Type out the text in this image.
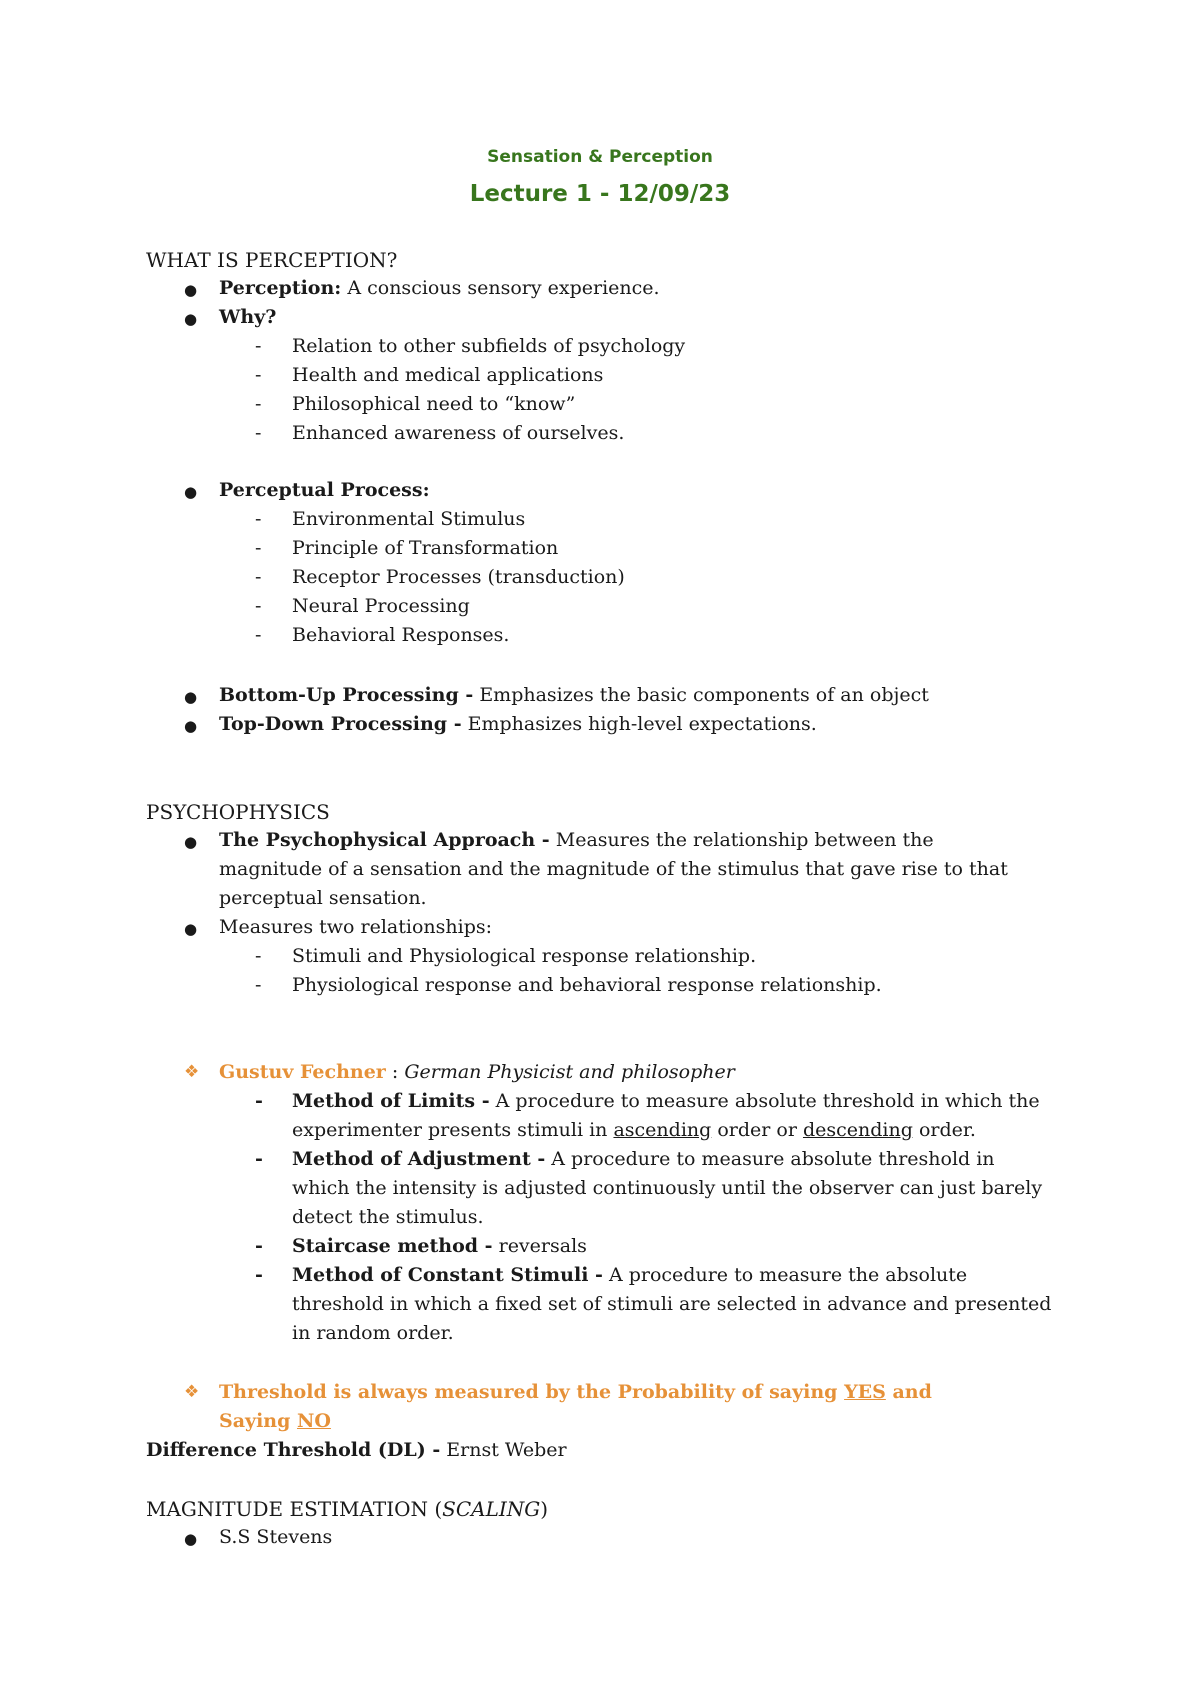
Sensation & Perception
Lecture 1 - 12/09/23
WHAT IS PERCEPTION?
● Perception: A conscious sensory experience.
● Why?
- Relation to other subfields of psychology
- Health and medical applications
- Philosophical need to “know”
- Enhanced awareness of ourselves.
● Perceptual Process:
- Environmental Stimulus
- Principle of Transformation
- Receptor Processes (transduction)
- Neural Processing
- Behavioral Responses.
● Bottom-Up Processing - Emphasizes the basic components of an object
● Top-Down Processing - Emphasizes high-level expectations.
PSYCHOPHYSICS
● The Psychophysical Approach - Measures the relationship between the
magnitude of a sensation and the magnitude of the stimulus that gave rise to that
perceptual sensation.
● Measures two relationships:
- Stimuli and Physiological response relationship.
- Physiological response and behavioral response relationship.
❖ Gustuv Fechner : German Physicist and philosopher
- Method of Limits - A procedure to measure absolute threshold in which the
experimenter presents stimuli in ascending order or descending order.
- Method of Adjustment - A procedure to measure absolute threshold in
which the intensity is adjusted continuously until the observer can just barely
detect the stimulus.
- Staircase method - reversals
- Method of Constant Stimuli - A procedure to measure the absolute
threshold in which a fixed set of stimuli are selected in advance and presented
in random order.
❖ Threshold is always measured by the Probability of saying YES and
Saying NO
Difference Threshold (DL) - Ernst Weber
MAGNITUDE ESTIMATION (SCALING)
● S.S Stevens
